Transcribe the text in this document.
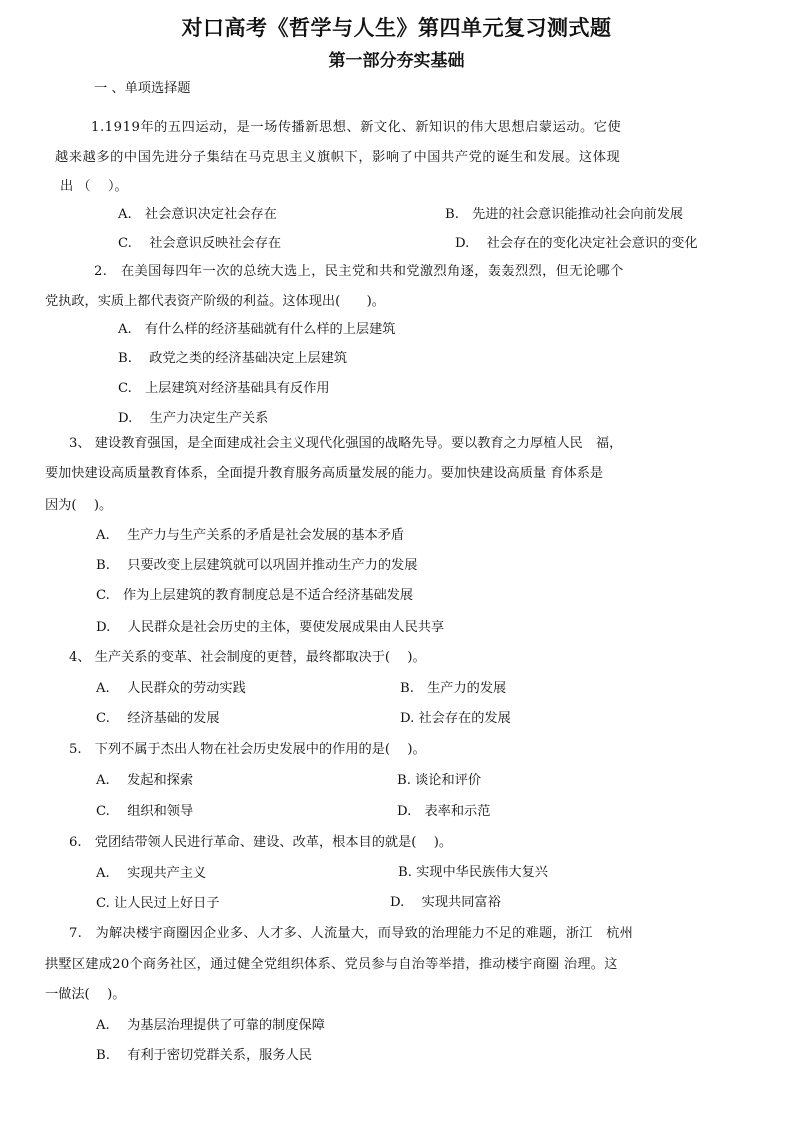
对口高考《哲学与人生》第四单元复习测式题
第一部分夯实基础
一 、单项选择题
1.1919年的五四运动，是一场传播新思想、新文化、新知识的伟大思想启蒙运动。它使
越来越多的中国先进分子集结在马克思主义旗帜下，影响了中国共产党的诞生和发展。这体现
出 （　 ）。
A.　社会意识决定社会存在	B.　先进的社会意识能推动社会向前发展
C.　 社会意识反映社会存在	D.　 社会存在的变化决定社会意识的变化
2.　在美国每四年一次的总统大选上，民主党和共和党激烈角逐，轰轰烈烈，但无论哪个
党执政，实质上都代表资产阶级的利益。这体现出(　　)。
A.　有什么样的经济基础就有什么样的上层建筑
B.　 政党之类的经济基础决定上层建筑
C.　上层建筑对经济基础具有反作用
D.　 生产力决定生产关系
3、 建设教育强国，是全面建成社会主义现代化强国的战略先导。要以教育之力厚植人民　福，
要加快建设高质量教育体系，全面提升教育服务高质量发展的能力。要加快建设高质量 育体系是
因为(　 )。
A.　 生产力与生产关系的矛盾是社会发展的基本矛盾
B.　 只要改变上层建筑就可以巩固并推动生产力的发展
C.　作为上层建筑的教育制度总是不适合经济基础发展
D.　 人民群众是社会历史的主体，要使发展成果由人民共享
4、 生产关系的变革、社会制度的更替，最终都取决于(　 )。
A.　 人民群众的劳动实践	B.　生产力的发展
C.　 经济基础的发展	D. 社会存在的发展
5.　下列不属于杰出人物在社会历史发展中的作用的是(　 )。
A.　 发起和探索	B. 谈论和评价
C.　 组织和领导	D.　表率和示范
6.　党团结带领人民进行革命、建设、改革，根本目的就是(　 )。
A.　 实现共产主义	B. 实现中华民族伟大复兴
C. 让人民过上好日子	D.　 实现共同富裕
7.　为解决楼宇商圈因企业多、人才多、人流量大，而导致的治理能力不足的难题，浙江　杭州
拱墅区建成20个商务社区，通过健全党组织体系、党员参与自治等举措，推动楼宇商圈 治理。这
一做法(　 )。
A.　 为基层治理提供了可靠的制度保障
B.　 有利于密切党群关系，服务人民
